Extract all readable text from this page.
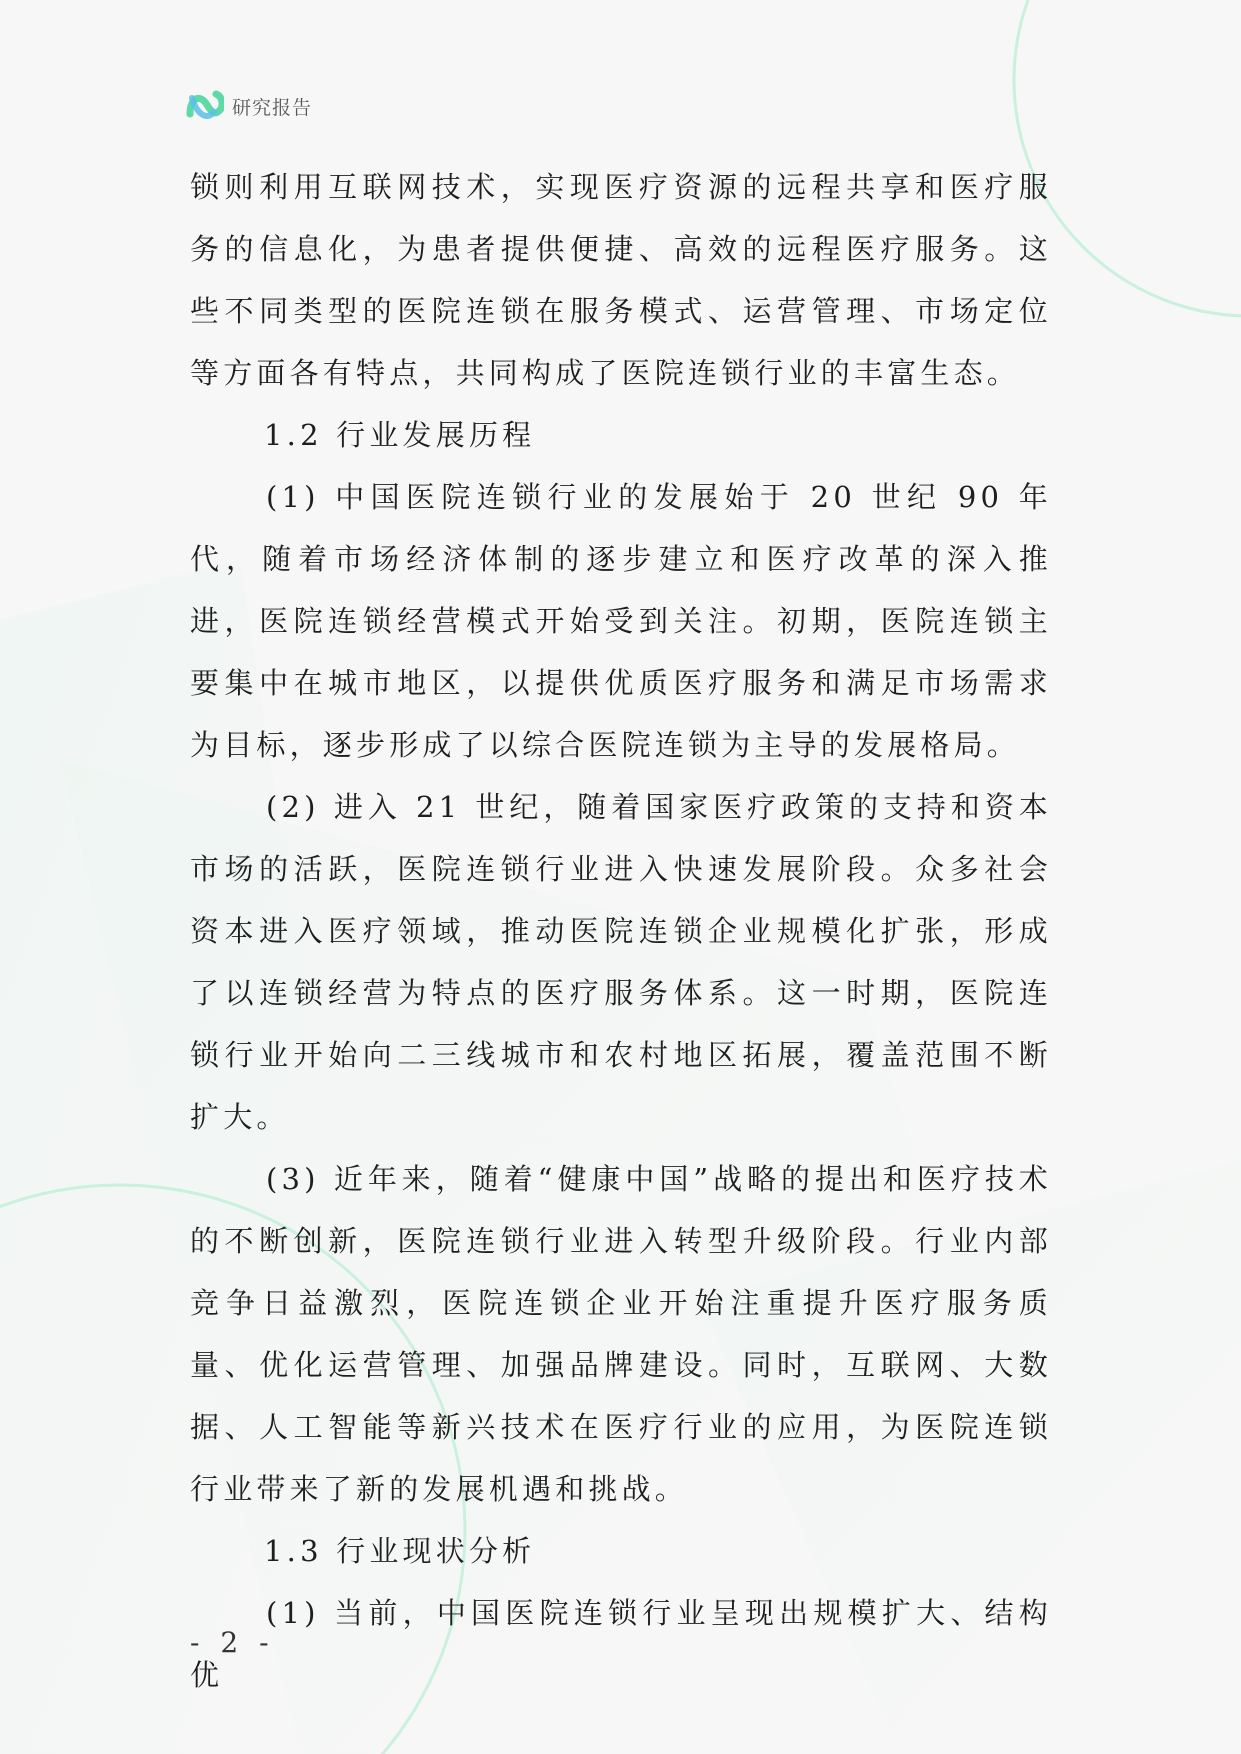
研究报告

锁则利用互联网技术，实现医疗资源的远程共享和医疗服务的信息化，为患者提供便捷、高效的远程医疗服务。这些不同类型的医院连锁在服务模式、运营管理、市场定位等方面各有特点，共同构成了医院连锁行业的丰富生态。

1.2 行业发展历程

(1) 中国医院连锁行业的发展始于 20 世纪 90 年代，随着市场经济体制的逐步建立和医疗改革的深入推进，医院连锁经营模式开始受到关注。初期，医院连锁主要集中在城市地区，以提供优质医疗服务和满足市场需求为目标，逐步形成了以综合医院连锁为主导的发展格局。

(2) 进入 21 世纪，随着国家医疗政策的支持和资本市场的活跃，医院连锁行业进入快速发展阶段。众多社会资本进入医疗领域，推动医院连锁企业规模化扩张，形成了以连锁经营为特点的医疗服务体系。这一时期，医院连锁行业开始向二三线城市和农村地区拓展，覆盖范围不断扩大。

(3) 近年来，随着“健康中国”战略的提出和医疗技术的不断创新，医院连锁行业进入转型升级阶段。行业内部竞争日益激烈，医院连锁企业开始注重提升医疗服务质量、优化运营管理、加强品牌建设。同时，互联网、大数据、人工智能等新兴技术在医疗行业的应用，为医院连锁行业带来了新的发展机遇和挑战。

1.3 行业现状分析

(1) 当前，中国医院连锁行业呈现出规模扩大、结构优

- 2 -
